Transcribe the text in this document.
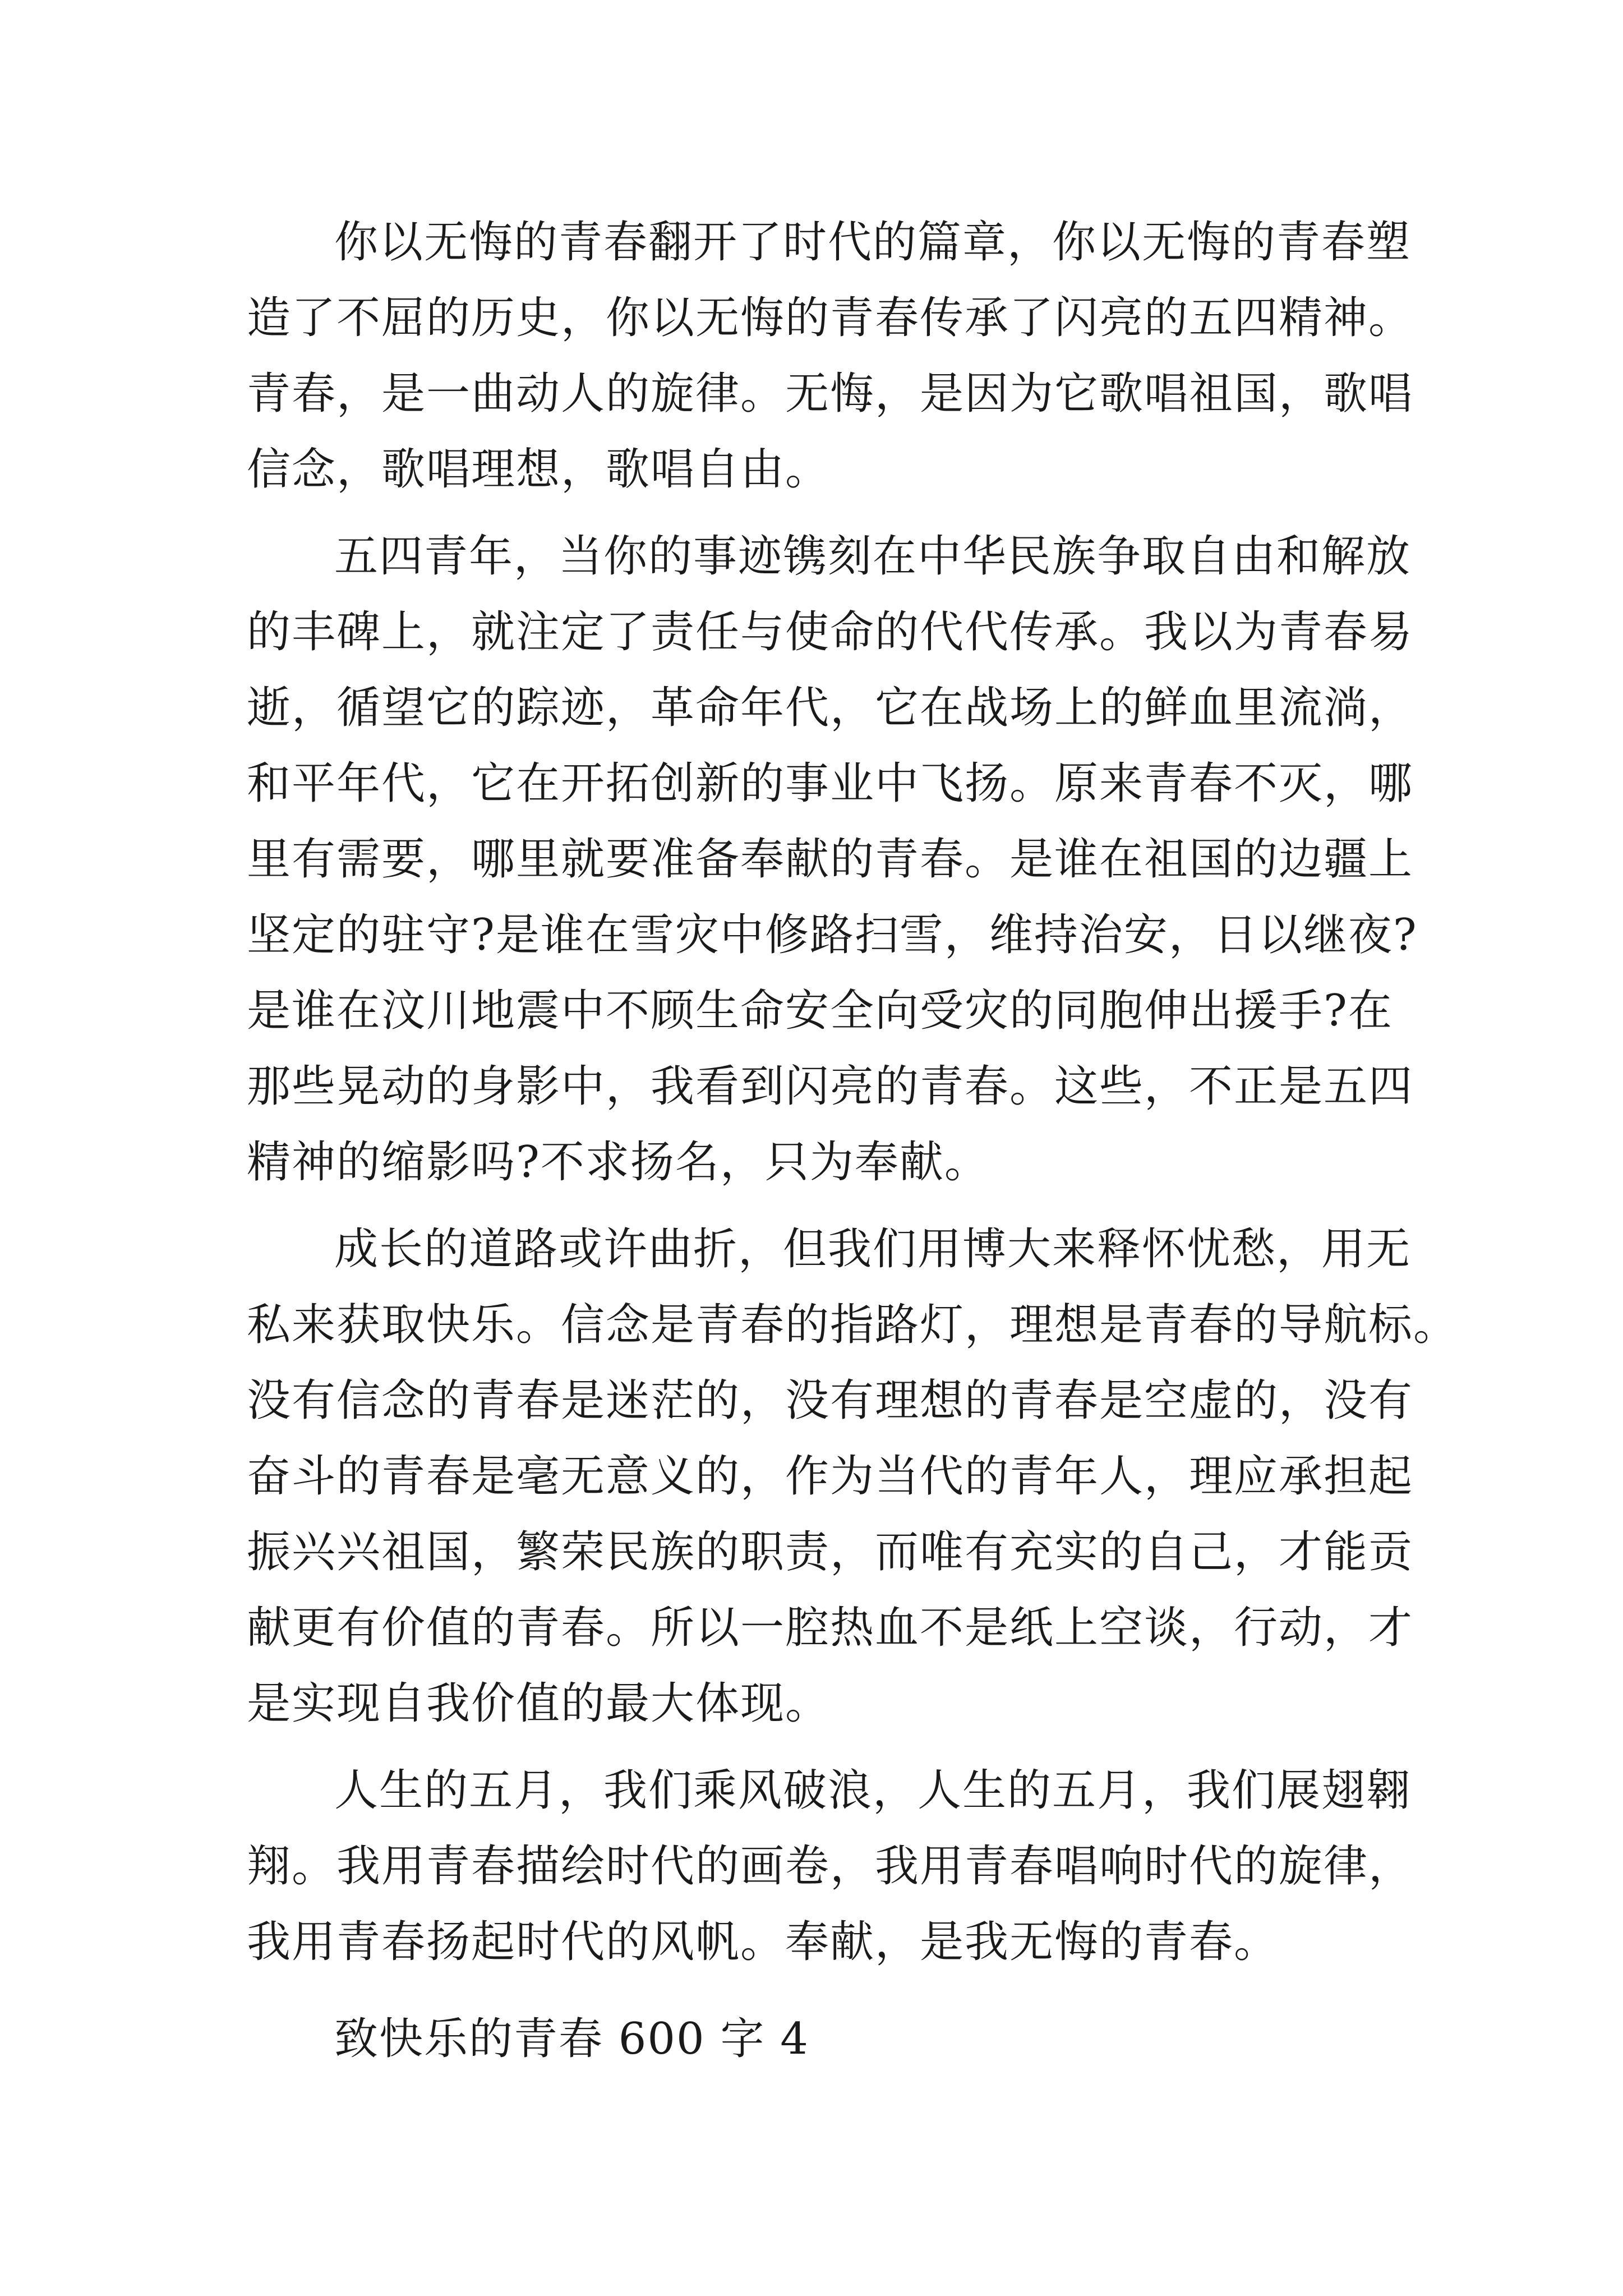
你以无悔的青春翻开了时代的篇章，你以无悔的青春塑
造了不屈的历史，你以无悔的青春传承了闪亮的五四精神。
青春，是一曲动人的旋律。无悔，是因为它歌唱祖国，歌唱
信念，歌唱理想，歌唱自由。
五四青年，当你的事迹镌刻在中华民族争取自由和解放
的丰碑上，就注定了责任与使命的代代传承。我以为青春易
逝，循望它的踪迹，革命年代，它在战场上的鲜血里流淌，
和平年代，它在开拓创新的事业中飞扬。原来青春不灭，哪
里有需要，哪里就要准备奉献的青春。是谁在祖国的边疆上
坚定的驻守?是谁在雪灾中修路扫雪，维持治安，日以继夜?
是谁在汶川地震中不顾生命安全向受灾的同胞伸出援手?在
那些晃动的身影中，我看到闪亮的青春。这些，不正是五四
精神的缩影吗?不求扬名，只为奉献。
成长的道路或许曲折，但我们用博大来释怀忧愁，用无
私来获取快乐。信念是青春的指路灯，理想是青春的导航标。
没有信念的青春是迷茫的，没有理想的青春是空虚的，没有
奋斗的青春是毫无意义的，作为当代的青年人，理应承担起
振兴兴祖国，繁荣民族的职责，而唯有充实的自己，才能贡
献更有价值的青春。所以一腔热血不是纸上空谈，行动，才
是实现自我价值的最大体现。
人生的五月，我们乘风破浪，人生的五月，我们展翅翱
翔。我用青春描绘时代的画卷，我用青春唱响时代的旋律，
我用青春扬起时代的风帆。奉献，是我无悔的青春。
致快乐的青春 600 字 4
